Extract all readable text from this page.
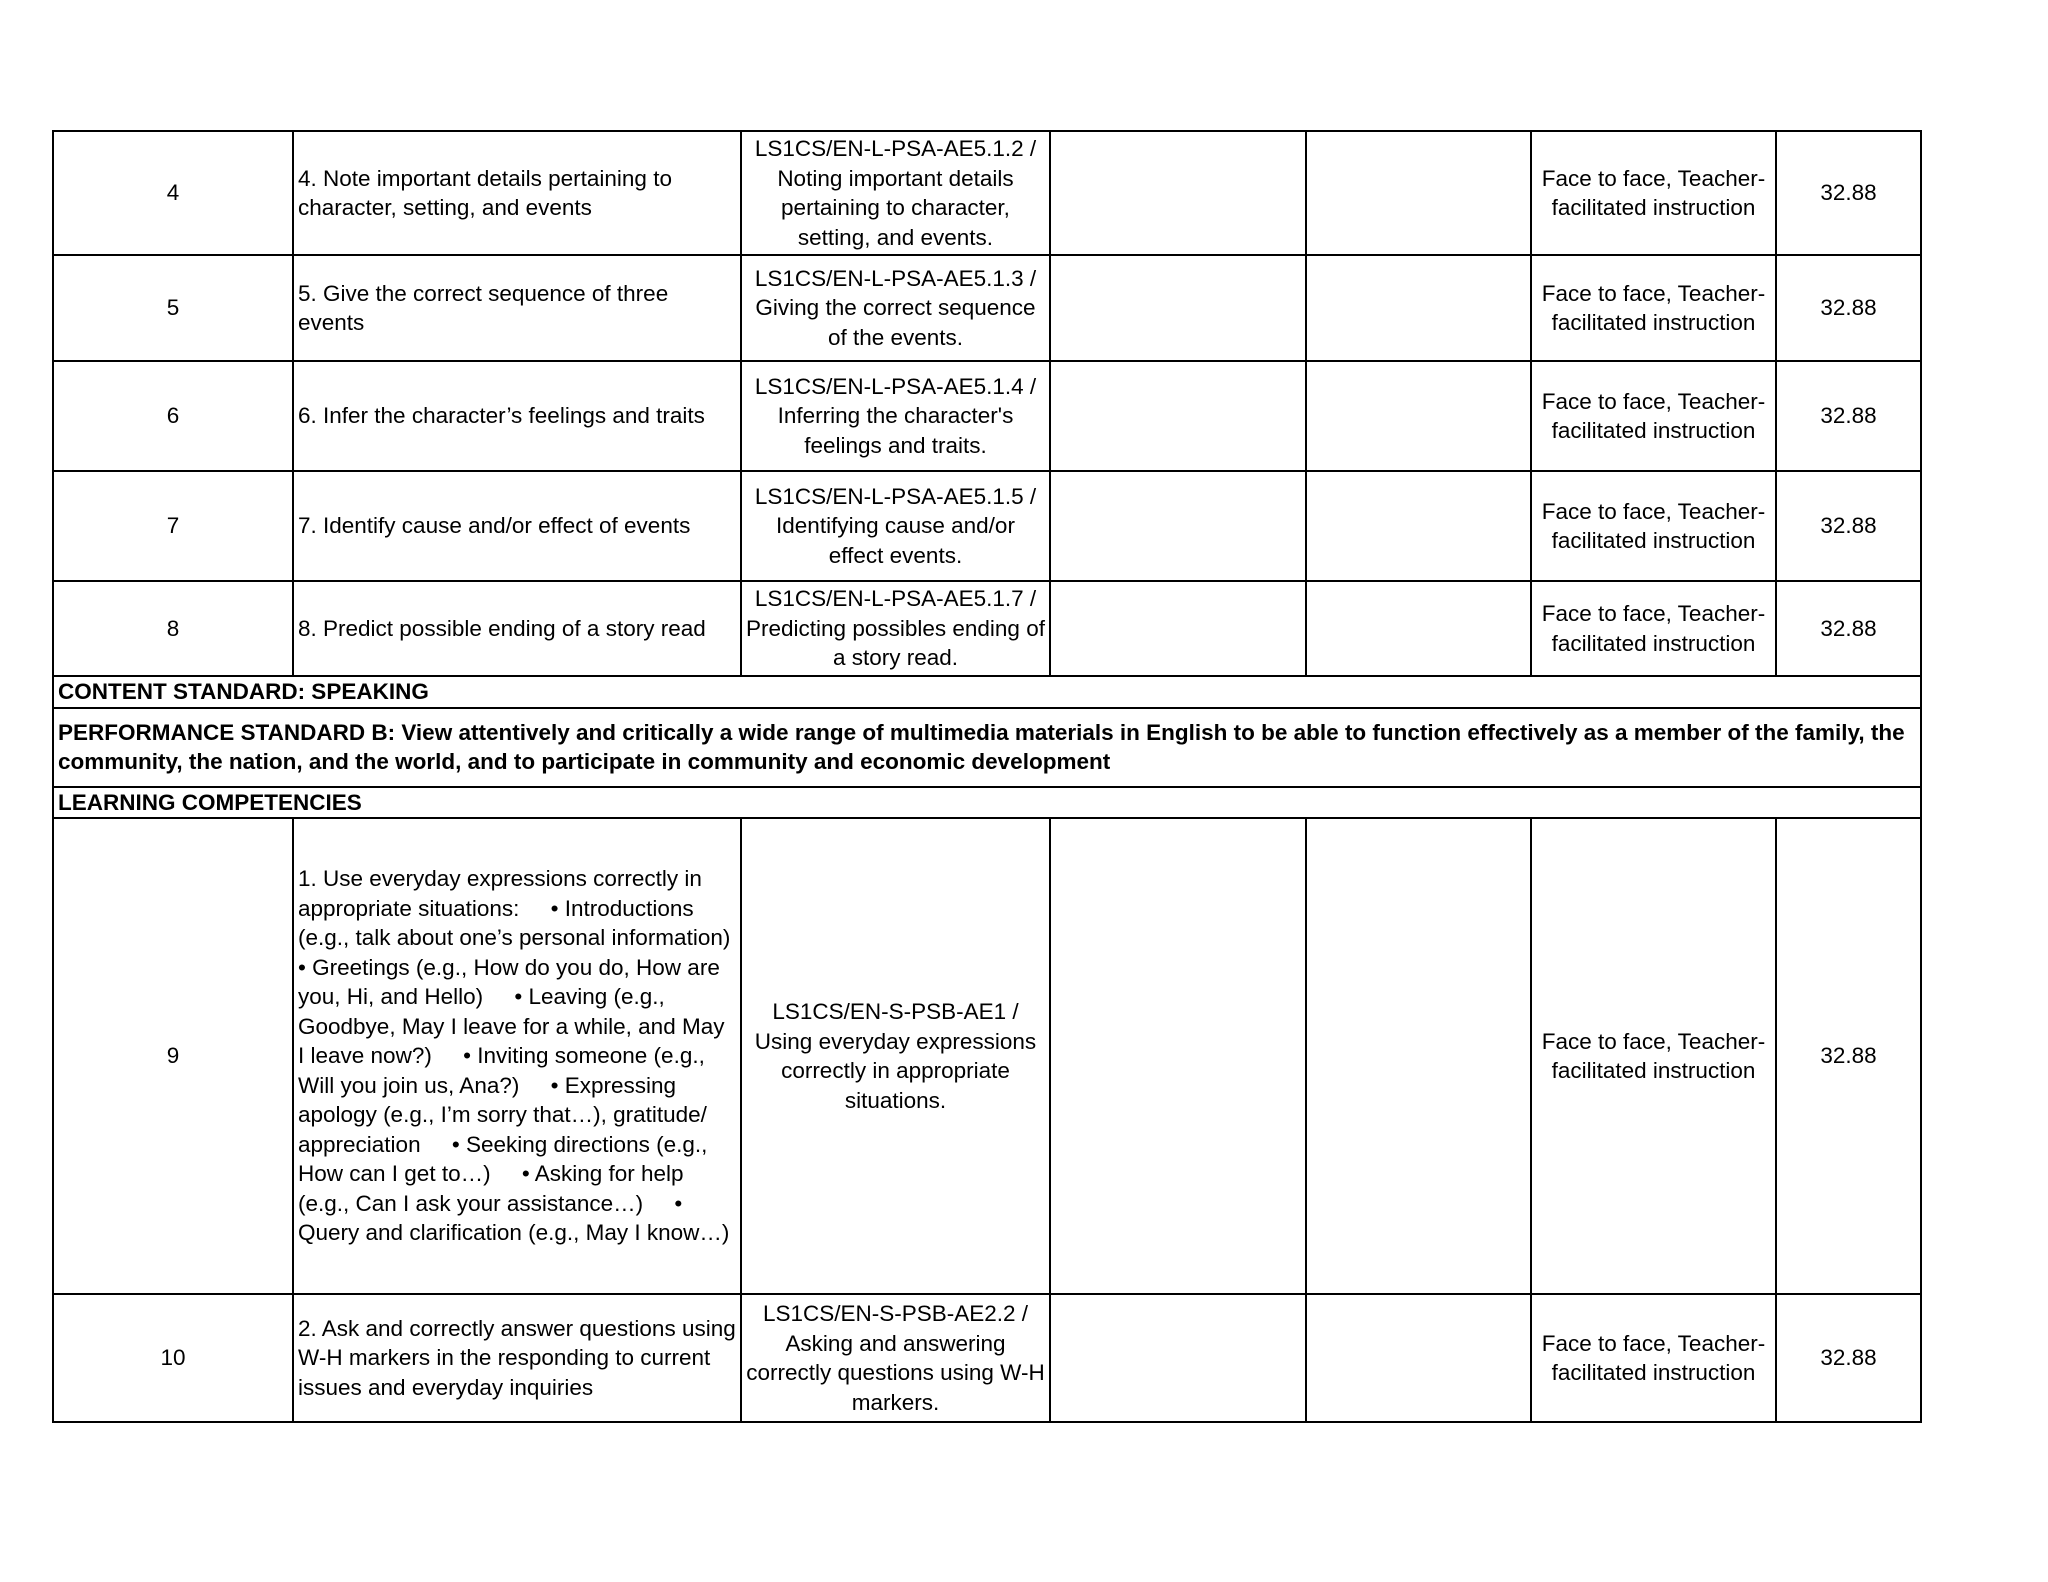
4	4. Note important details pertaining to character, setting, and events	LS1CS/EN-L-PSA-AE5.1.2 / Noting important details pertaining to character, setting, and events.			Face to face, Teacher-facilitated instruction	32.88
5	5. Give the correct sequence of three events	LS1CS/EN-L-PSA-AE5.1.3 / Giving the correct sequence of the events.			Face to face, Teacher-facilitated instruction	32.88
6	6. Infer the character’s feelings and traits	LS1CS/EN-L-PSA-AE5.1.4 / Inferring the character's feelings and traits.			Face to face, Teacher-facilitated instruction	32.88
7	7. Identify cause and/or effect of events	LS1CS/EN-L-PSA-AE5.1.5 / Identifying cause and/or effect events.			Face to face, Teacher-facilitated instruction	32.88
8	8. Predict possible ending of a story read	LS1CS/EN-L-PSA-AE5.1.7 / Predicting possibles ending of a story read.			Face to face, Teacher-facilitated instruction	32.88
CONTENT STANDARD: SPEAKING						
PERFORMANCE STANDARD B: View attentively and critically a wide range of multimedia materials in English to be able to function effectively as a member of the family, the community, the nation, and the world, and to participate in community and economic development						
LEARNING COMPETENCIES						
9	1. Use everyday expressions correctly in appropriate situations:     • Introductions (e.g., talk about one’s personal information)     • Greetings (e.g., How do you do, How are you, Hi, and Hello)     • Leaving (e.g., Goodbye, May I leave for a while, and May I leave now?)     • Inviting someone (e.g., Will you join us, Ana?)     • Expressing apology (e.g., I’m sorry that…), gratitude/ appreciation     • Seeking directions (e.g., How can I get to…)     • Asking for help (e.g., Can I ask your assistance…)     • Query and clarification (e.g., May I know…)	LS1CS/EN-S-PSB-AE1 / Using everyday expressions correctly in appropriate situations.			Face to face, Teacher-facilitated instruction	32.88
10	2. Ask and correctly answer questions using W-H markers in the responding to current issues and everyday inquiries	LS1CS/EN-S-PSB-AE2.2 / Asking and answering correctly questions using W-H markers.			Face to face, Teacher-facilitated instruction	32.88
